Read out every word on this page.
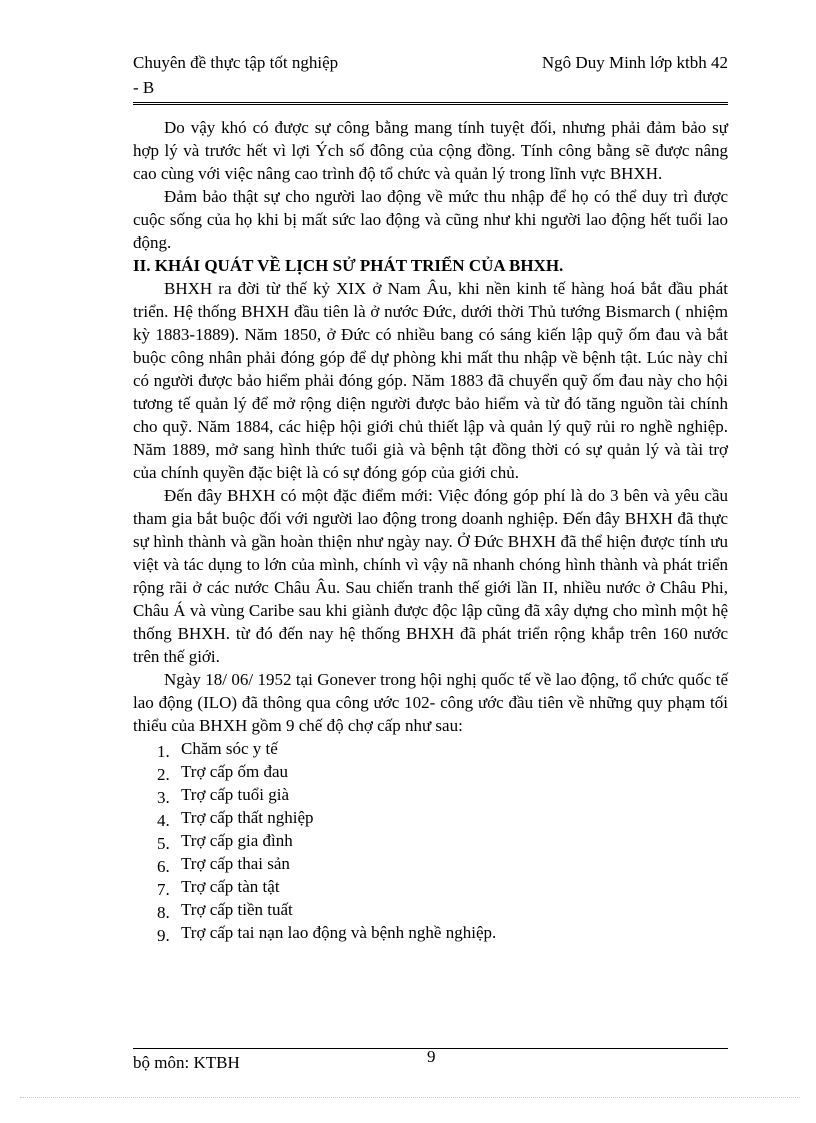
Chuyên đề thực tập tốt nghiệp	Ngô Duy Minh lớp ktbh 42
- B

Do vậy khó có được sự công bằng mang tính tuyệt đối, nhưng phải đảm bảo sự hợp lý và trước hết vì lợi Ých số đông của cộng đồng. Tính công bằng sẽ được nâng cao cùng với việc nâng cao trình độ tổ chức và quản lý trong lĩnh vực BHXH.

Đảm bảo thật sự cho người lao động về mức thu nhập để họ có thể duy trì được cuộc sống của họ khi bị mất sức lao động và cũng như khi người lao động hết tuổi lao động.

II. KHÁI QUÁT VỀ LỊCH SỬ PHÁT TRIỂN CỦA BHXH.

BHXH ra đời từ thế kỷ XIX ở Nam Âu, khi nền kinh tế hàng hoá bắt đầu phát triển. Hệ thống BHXH đầu tiên là ở nước Đức, dưới thời Thủ tướng Bismarch ( nhiệm kỳ 1883-1889). Năm 1850, ở Đức có nhiều bang có sáng kiến lập quỹ ốm đau và bắt buộc công nhân phải đóng góp để dự phòng khi mất thu nhập về bệnh tật. Lúc này chỉ có người được bảo hiểm phải đóng góp. Năm 1883 đã chuyển quỹ ốm đau này cho hội tương tế quản lý để mở rộng diện người được bảo hiểm và từ đó tăng nguồn tài chính cho quỹ. Năm 1884, các hiệp hội giới chủ thiết lập và quản lý quỹ rủi ro nghề nghiệp. Năm 1889, mở sang hình thức tuổi già và bệnh tật đồng thời có sự quản lý và tài trợ của chính quyền đặc biệt là có sự đóng góp của giới chủ.

Đến đây BHXH có một đặc điểm mới: Việc đóng góp phí là do 3 bên và yêu cầu tham gia bắt buộc đối với người lao động trong doanh nghiệp. Đến đây BHXH đã thực sự hình thành và gần hoàn thiện như ngày nay. Ở Đức BHXH đã thể hiện được tính ưu việt và tác dụng to lớn của mình, chính vì vậy nã nhanh chóng hình thành và phát triển rộng rãi ở các nước Châu Âu. Sau chiến tranh thế giới lần II, nhiều nước ở Châu Phi, Châu Á và vùng Caribe sau khi giành được độc lập cũng đã xây dựng cho mình một hệ thống BHXH. từ đó đến nay hệ thống BHXH đã phát triển rộng khắp trên 160 nước trên thế giới.

Ngày 18/ 06/ 1952 tại Gonever trong hội nghị quốc tế về lao động, tổ chức quốc tế lao động (ILO) đã thông qua công ước 102- công ước đầu tiên về những quy phạm tối thiểu của BHXH gồm 9 chế độ chợ cấp như sau:

1. Chăm sóc y tế
2. Trợ cấp ốm đau
3. Trợ cấp tuổi già
4. Trợ cấp thất nghiệp
5. Trợ cấp gia đình
6. Trợ cấp thai sản
7. Trợ cấp tàn tật
8. Trợ cấp tiền tuất
9. Trợ cấp tai nạn lao động và bệnh nghề nghiệp.
bộ môn: KTBH	9
